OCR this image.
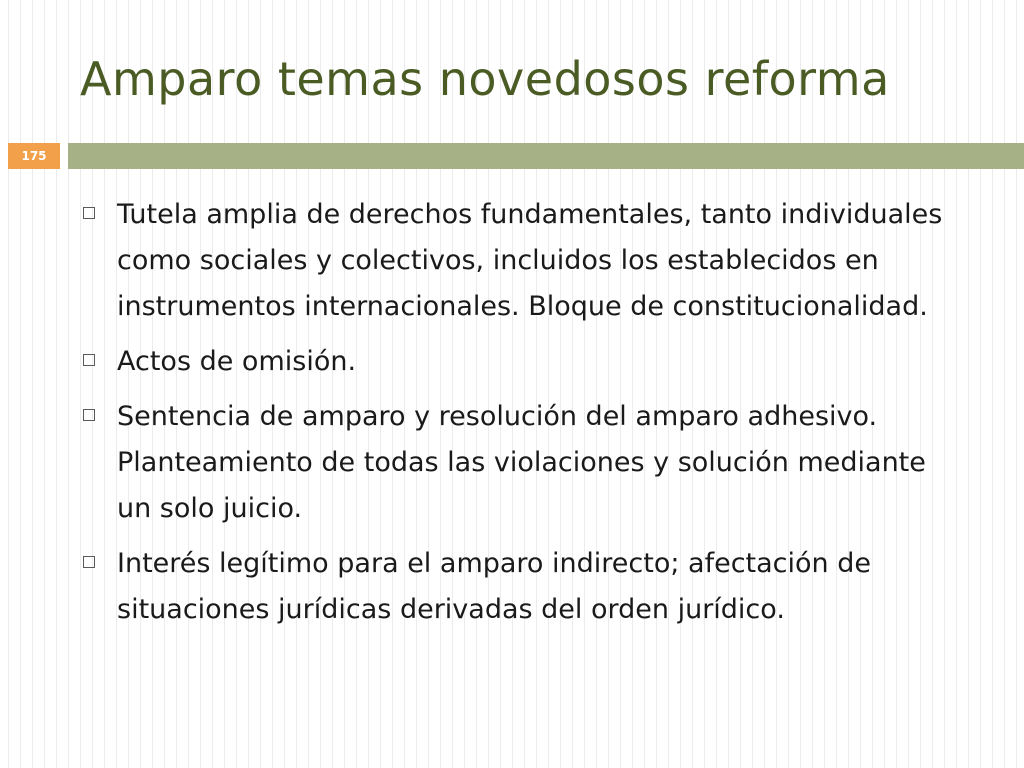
Amparo temas novedosos reforma
175
Tutela amplia de derechos fundamentales, tanto individuales como sociales y colectivos, incluidos los establecidos en instrumentos internacionales. Bloque de constitucionalidad.
Actos de omisión.
Sentencia de amparo y resolución del amparo adhesivo. Planteamiento de todas las violaciones y solución mediante un solo juicio.
Interés legítimo para el amparo indirecto; afectación de situaciones jurídicas derivadas del orden jurídico.
